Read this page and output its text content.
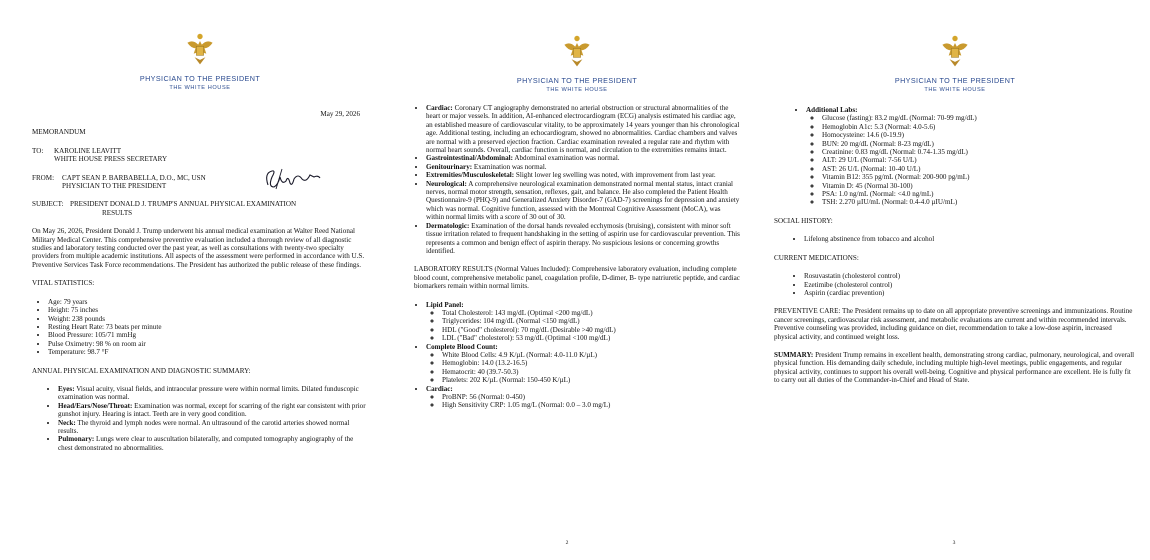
PHYSICIAN TO THE PRESIDENT
THE WHITE HOUSE
May 29, 2026
MEMORANDUM
TO:	KAROLINE LEAVITT
WHITE HOUSE PRESS SECRETARY
FROM:	CAPT SEAN P. BARBABELLA, D.O., MC, USN
PHYSICIAN TO THE PRESIDENT
SUBJECT: PRESIDENT DONALD J. TRUMP'S ANNUAL PHYSICAL EXAMINATION
RESULTS
On May 26, 2026, President Donald J. Trump underwent his annual medical examination at Walter Reed National Military Medical Center. This comprehensive preventive evaluation included a thorough review of all diagnostic studies and laboratory testing conducted over the past year, as well as consultations with twenty-two specialty providers from multiple academic institutions. All aspects of the assessment were performed in accordance with U.S. Preventive Services Task Force recommendations. The President has authorized the public release of these findings.
VITAL STATISTICS:
• Age: 79 years
• Height: 75 inches
• Weight: 238 pounds
• Resting Heart Rate: 73 beats per minute
• Blood Pressure: 105/71 mmHg
• Pulse Oximetry: 98 % on room air
• Temperature: 98.7 °F
ANNUAL PHYSICAL EXAMINATION AND DIAGNOSTIC SUMMARY:
• Eyes: Visual acuity, visual fields, and intraocular pressure were within normal limits. Dilated funduscopic examination was normal.
• Head/Ears/Nose/Throat: Examination was normal, except for scarring of the right ear consistent with prior gunshot injury. Hearing is intact. Teeth are in very good condition.
• Neck: The thyroid and lymph nodes were normal. An ultrasound of the carotid arteries showed normal results.
• Pulmonary: Lungs were clear to auscultation bilaterally, and computed tomography angiography of the chest demonstrated no abnormalities.
PHYSICIAN TO THE PRESIDENT
THE WHITE HOUSE
• Cardiac: Coronary CT angiography demonstrated no arterial obstruction or structural abnormalities of the heart or major vessels. In addition, AI-enhanced electrocardiogram (ECG) analysis estimated his cardiac age, an established measure of cardiovascular vitality, to be approximately 14 years younger than his chronological age. Additional testing, including an echocardiogram, showed no abnormalities. Cardiac chambers and valves are normal with a preserved ejection fraction. Cardiac examination revealed a regular rate and rhythm with normal heart sounds. Overall, cardiac function is normal, and circulation to the extremities remains intact.
• Gastrointestinal/Abdominal: Abdominal examination was normal.
• Genitourinary: Examination was normal.
• Extremities/Musculoskeletal: Slight lower leg swelling was noted, with improvement from last year.
• Neurological: A comprehensive neurological examination demonstrated normal mental status, intact cranial nerves, normal motor strength, sensation, reflexes, gait, and balance. He also completed the Patient Health Questionnaire-9 (PHQ-9) and Generalized Anxiety Disorder-7 (GAD-7) screenings for depression and anxiety which was normal. Cognitive function, assessed with the Montreal Cognitive Assessment (MoCA), was within normal limits with a score of 30 out of 30.
• Dermatologic: Examination of the dorsal hands revealed ecchymosis (bruising), consistent with minor soft tissue irritation related to frequent handshaking in the setting of aspirin use for cardiovascular prevention. This represents a common and benign effect of aspirin therapy. No suspicious lesions or concerning growths identified.
LABORATORY RESULTS (Normal Values Included): Comprehensive laboratory evaluation, including complete blood count, comprehensive metabolic panel, coagulation profile, D-dimer, B- type natriuretic peptide, and cardiac biomarkers remain within normal limits.
• Lipid Panel:
◦ Total Cholesterol: 143 mg/dL (Optimal <200 mg/dL)
◦ Triglycerides: 104 mg/dL (Normal <150 mg/dL)
◦ HDL ("Good" cholesterol): 70 mg/dL (Desirable >40 mg/dL)
◦ LDL ("Bad" cholesterol): 53 mg/dL (Optimal <100 mg/dL)
• Complete Blood Count:
◦ White Blood Cells: 4.9 K/µL (Normal: 4.0-11.0 K/µL)
◦ Hemoglobin: 14.0 (13.2-16.5)
◦ Hematocrit: 40 (39.7-50.3)
◦ Platelets: 202 K/µL (Normal: 150-450 K/µL)
• Cardiac:
◦ ProBNP: 56 (Normal: 0-450)
◦ High Sensitivity CRP: 1.05 mg/L (Normal: 0.0 – 3.0 mg/L)
2
PHYSICIAN TO THE PRESIDENT
THE WHITE HOUSE
• Additional Labs:
◦ Glucose (fasting): 83.2 mg/dL (Normal: 70-99 mg/dL)
◦ Hemoglobin A1c: 5.3 (Normal: 4.0-5.6)
◦ Homocysteine: 14.6 (0-19.9)
◦ BUN: 20 mg/dL (Normal: 8-23 mg/dL)
◦ Creatinine: 0.83 mg/dL (Normal: 0.74-1.35 mg/dL)
◦ ALT: 29 U/L (Normal: 7-56 U/L)
◦ AST: 26 U/L (Normal: 10-40 U/L)
◦ Vitamin B12: 355 pg/mL (Normal: 200-900 pg/mL)
◦ Vitamin D: 45 (Normal 30-100)
◦ PSA: 1.0 ng/mL (Normal: <4.0 ng/mL)
◦ TSH: 2.270 µIU/mL (Normal: 0.4-4.0 µIU/mL)
SOCIAL HISTORY:
• Lifelong abstinence from tobacco and alcohol
CURRENT MEDICATIONS:
• Rosuvastatin (cholesterol control)
• Ezetimibe (cholesterol control)
• Aspirin (cardiac prevention)
PREVENTIVE CARE: The President remains up to date on all appropriate preventive screenings and immunizations. Routine cancer screenings, cardiovascular risk assessment, and metabolic evaluations are current and within recommended intervals. Preventive counseling was provided, including guidance on diet, recommendation to take a low-dose aspirin, increased physical activity, and continued weight loss.
SUMMARY: President Trump remains in excellent health, demonstrating strong cardiac, pulmonary, neurological, and overall physical function. His demanding daily schedule, including multiple high-level meetings, public engagements, and regular physical activity, continues to support his overall well-being. Cognitive and physical performance are excellent. He is fully fit to carry out all duties of the Commander-in-Chief and Head of State.
3
